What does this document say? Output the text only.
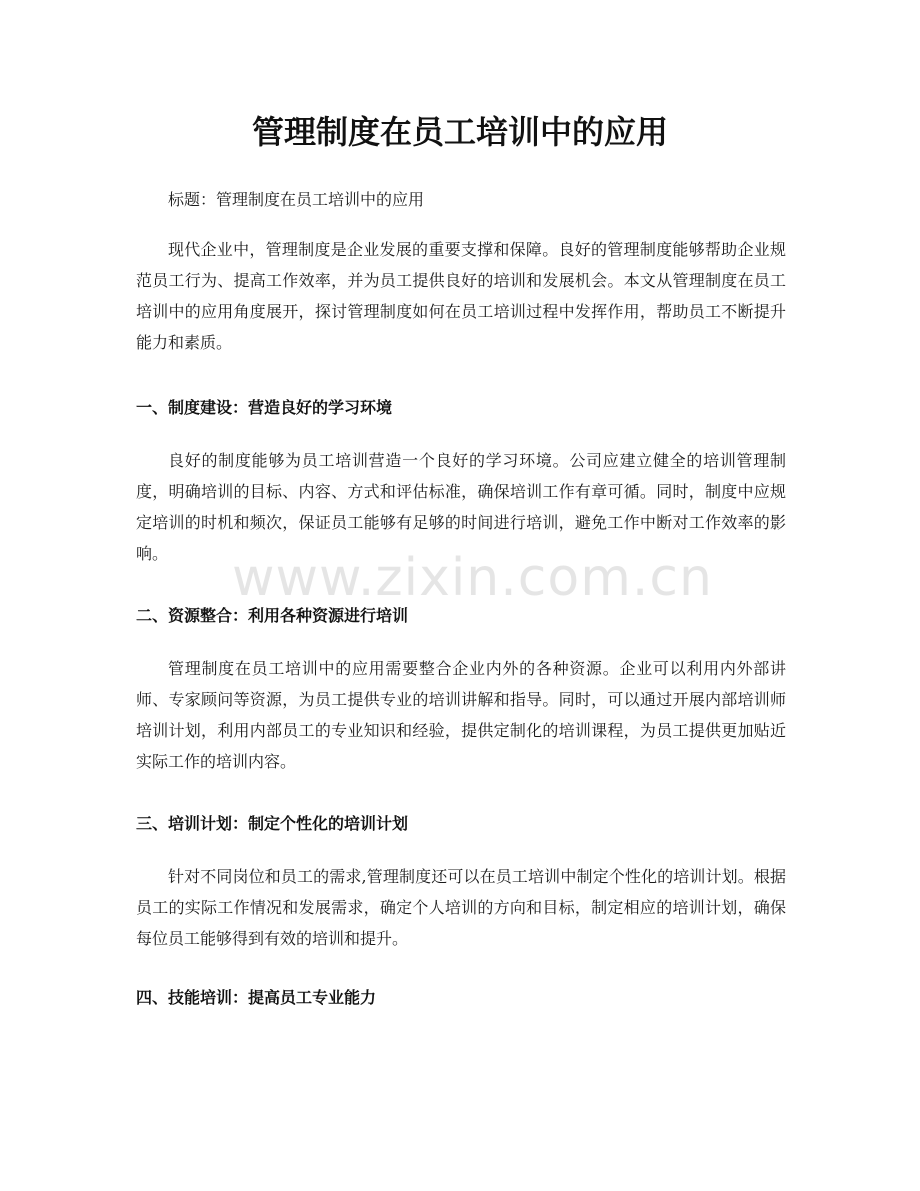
管理制度在员工培训中的应用

标题：管理制度在员工培训中的应用

现代企业中，管理制度是企业发展的重要支撑和保障。良好的管理制度能够帮助企业规范员工行为、提高工作效率，并为员工提供良好的培训和发展机会。本文从管理制度在员工培训中的应用角度展开，探讨管理制度如何在员工培训过程中发挥作用，帮助员工不断提升能力和素质。

一、制度建设：营造良好的学习环境

良好的制度能够为员工培训营造一个良好的学习环境。公司应建立健全的培训管理制度，明确培训的目标、内容、方式和评估标准，确保培训工作有章可循。同时，制度中应规定培训的时机和频次，保证员工能够有足够的时间进行培训，避免工作中断对工作效率的影响。

二、资源整合：利用各种资源进行培训

管理制度在员工培训中的应用需要整合企业内外的各种资源。企业可以利用内外部讲师、专家顾问等资源，为员工提供专业的培训讲解和指导。同时，可以通过开展内部培训师培训计划，利用内部员工的专业知识和经验，提供定制化的培训课程，为员工提供更加贴近实际工作的培训内容。

三、培训计划：制定个性化的培训计划

针对不同岗位和员工的需求,管理制度还可以在员工培训中制定个性化的培训计划。根据员工的实际工作情况和发展需求，确定个人培训的方向和目标，制定相应的培训计划，确保每位员工能够得到有效的培训和提升。

四、技能培训：提高员工专业能力
www.zixin.com.cn
